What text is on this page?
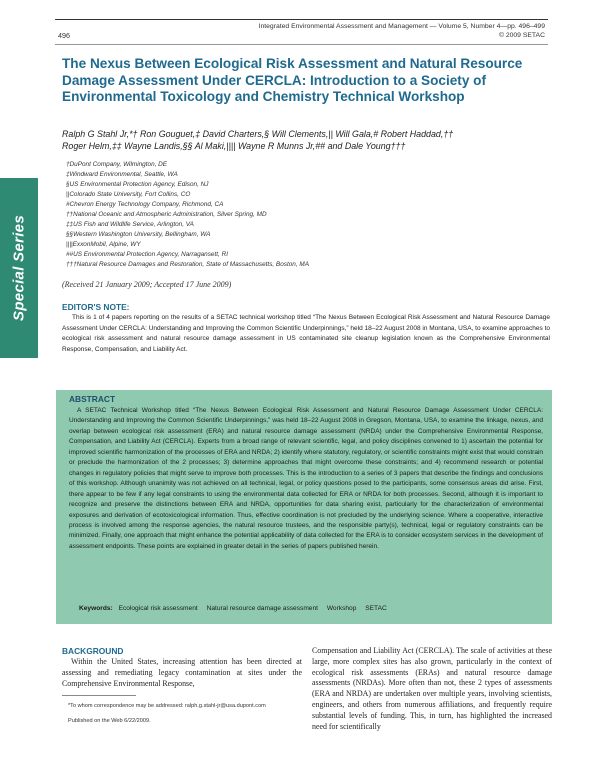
496
Integrated Environmental Assessment and Management — Volume 5, Number 4—pp. 496–499
© 2009 SETAC
Special Series
The Nexus Between Ecological Risk Assessment and Natural Resource Damage Assessment Under CERCLA: Introduction to a Society of Environmental Toxicology and Chemistry Technical Workshop
Ralph G Stahl Jr,*† Ron Gouguet,‡ David Charters,§ Will Clements,|| Will Gala,# Robert Haddad,††
Roger Helm,‡‡ Wayne Landis,§§ Al Maki,|||| Wayne R Munns Jr,## and Dale Young†††
†DuPont Company, Wilmington, DE
‡Windward Environmental, Seattle, WA
§US Environmental Protection Agency, Edison, NJ
||Colorado State University, Fort Collins, CO
#Chevron Energy Technology Company, Richmond, CA
††National Oceanic and Atmospheric Administration, Silver Spring, MD
‡‡US Fish and Wildlife Service, Arlington, VA
§§Western Washington University, Bellingham, WA
||||ExxonMobil, Alpine, WY
##US Environmental Protection Agency, Narragansett, RI
†††Natural Resource Damages and Restoration, State of Massachusetts, Boston, MA
(Received 21 January 2009; Accepted 17 June 2009)
EDITOR'S NOTE:

This is 1 of 4 papers reporting on the results of a SETAC technical workshop titled “The Nexus Between Ecological Risk Assessment and Natural Resource Damage Assessment Under CERCLA: Understanding and Improving the Common Scientific Underpinnings,” held 18–22 August 2008 in Montana, USA, to examine approaches to ecological risk assessment and natural resource damage assessment in US contaminated site cleanup legislation known as the Comprehensive Environmental Response, Compensation, and Liability Act.

ABSTRACT

A SETAC Technical Workshop titled “The Nexus Between Ecological Risk Assessment and Natural Resource Damage Assessment Under CERCLA: Understanding and Improving the Common Scientific Underpinnings,” was held 18–22 August 2008 in Gregson, Montana, USA, to examine the linkage, nexus, and overlap between ecological risk assessment (ERA) and natural resource damage assessment (NRDA) under the Comprehensive Environmental Response, Compensation, and Liability Act (CERCLA). Experts from a broad range of relevant scientific, legal, and policy disciplines convened to 1) ascertain the potential for improved scientific harmonization of the processes of ERA and NRDA; 2) identify where statutory, regulatory, or scientific constraints might exist that would constrain or preclude the harmonization of the 2 processes; 3) determine approaches that might overcome these constraints; and 4) recommend research or potential changes in regulatory policies that might serve to improve both processes. This is the introduction to a series of 3 papers that describe the findings and conclusions of this workshop. Although unanimity was not achieved on all technical, legal, or policy questions posed to the participants, some consensus areas did arise. First, there appear to be few if any legal constraints to using the environmental data collected for ERA or NRDA for both processes. Second, although it is important to recognize and preserve the distinctions between ERA and NRDA, opportunities for data sharing exist, particularly for the characterization of environmental exposures and derivation of ecotoxicological information. Thus, effective coordination is not precluded by the underlying science. Where a cooperative, interactive process is involved among the response agencies, the natural resource trustees, and the responsible party(s), technical, legal or regulatory constraints can be minimized. Finally, one approach that might enhance the potential applicability of data collected for the ERA is to consider ecosystem services in the development of assessment endpoints. These points are explained in greater detail in the series of papers published herein.

Keywords: Ecological risk assessment Natural resource damage assessment Workshop SETAC
BACKGROUND

Within the United States, increasing attention has been directed at assessing and remediating legacy contamination at sites under the Comprehensive Environmental Response,

Compensation and Liability Act (CERCLA). The scale of activities at these large, more complex sites has also grown, particularly in the context of ecological risk assessments (ERAs) and natural resource damage assessments (NRDAs). More often than not, these 2 types of assessments (ERA and NRDA) are undertaken over multiple years, involving scientists, engineers, and others from numerous affiliations, and frequently require substantial levels of funding. This, in turn, has highlighted the increased need for scientifically

*To whom correspondence may be addressed: ralph.g.stahl-jr@usa.dupont.com
Published on the Web 6/22/2009.
